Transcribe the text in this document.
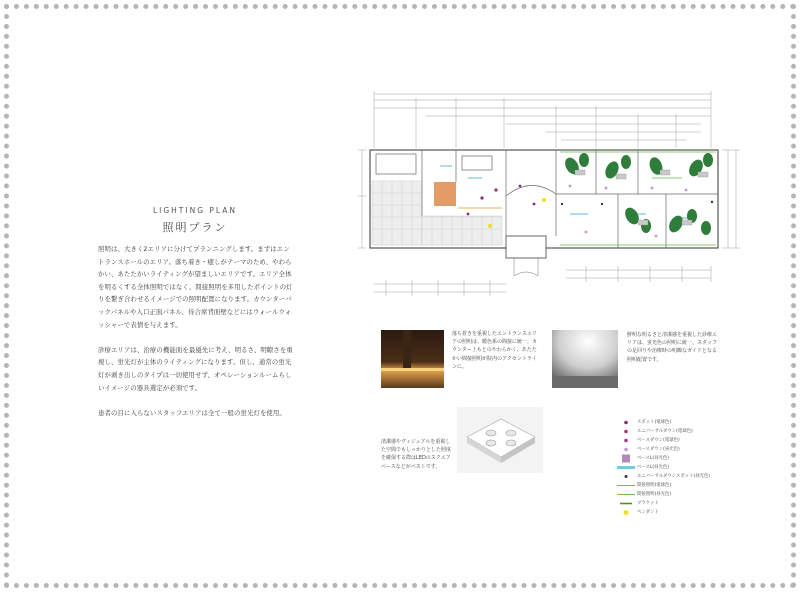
LIGHTING PLAN
照明プラン

照明は、大きく2エリアに分けてプランニングします。まずはエントランスホールのエリア。落ち着き・癒しがテーマのため、やわらかい、あたたかいライティングが望ましいエリアです。エリア全体を明るくする全体照明ではなく、間接照明を多用したポイントの灯りを繋ぎ合わせるイメージでの照明配置になります。カウンターバックパネルや入口正面パネル、待合席背面壁などにはウォールウォッシャーで表情を与えます。

診療エリアは、治療の機能面を最優先に考え、明るさ、明瞭さを重視し、蛍光灯が主体のライティングになります。但し、通常の蛍光灯が剥き出しのタイプは一切使用せず、オペレーションルームらしいイメージの器具選定が必須です。

患者の目に入らないスタッフエリアは全て一般の蛍光灯を使用。

落ち着きを重視したエントランスエリアの照明は、暖色系の間接に統一。カウンター上もとのやわらかく、あたたかい間接照明が院内のアクセントラインに。
鮮明な明るさと清潔感を重視した診療エリアは、蛍光色の照明に統一。スタッフの足回りや治療時の明瞭なガイドとなる照明配置です。
清潔感やヴィジュアルを重視した空間でもしっかりとした照度を確保する際はLEDのスクエアベースなどがベストです。
スポット(電球色)
ユニバーサルダウン(電球色)
ベースダウン(電球色)
ベースダウン(昼光色)
ベースL(昼光色)
ベースL(昼光色)
ユニバーサルダウンスポット(昼光色)
間接照明(電球色)
間接照明(昼光色)
ブラケット
ペンダント
